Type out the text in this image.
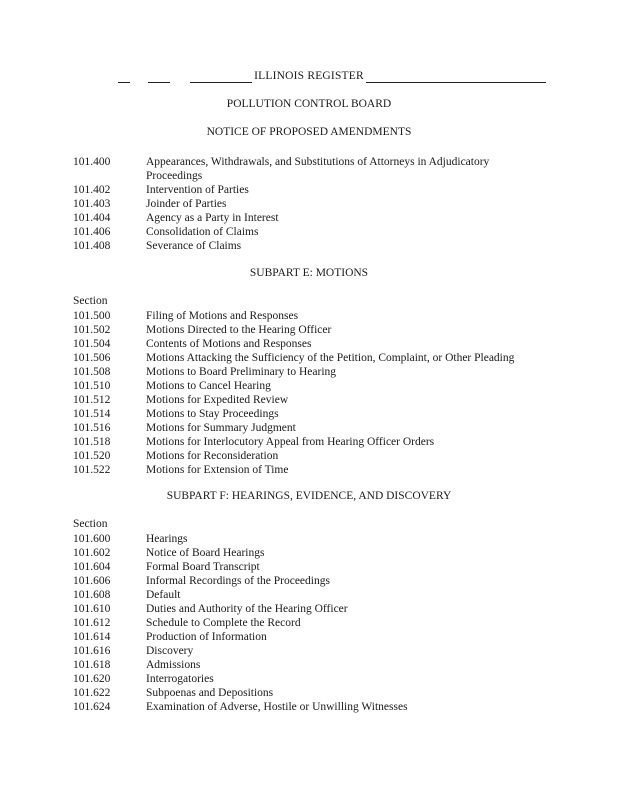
ILLINOIS REGISTER
POLLUTION CONTROL BOARD
NOTICE OF PROPOSED AMENDMENTS
101.400	Appearances, Withdrawals, and Substitutions of Attorneys in Adjudicatory
Proceedings
101.402	Intervention of Parties
101.403	Joinder of Parties
101.404	Agency as a Party in Interest
101.406	Consolidation of Claims
101.408	Severance of Claims
SUBPART E: MOTIONS
Section
101.500	Filing of Motions and Responses
101.502	Motions Directed to the Hearing Officer
101.504	Contents of Motions and Responses
101.506	Motions Attacking the Sufficiency of the Petition, Complaint, or Other Pleading
101.508	Motions to Board Preliminary to Hearing
101.510	Motions to Cancel Hearing
101.512	Motions for Expedited Review
101.514	Motions to Stay Proceedings
101.516	Motions for Summary Judgment
101.518	Motions for Interlocutory Appeal from Hearing Officer Orders
101.520	Motions for Reconsideration
101.522	Motions for Extension of Time
SUBPART F: HEARINGS, EVIDENCE, AND DISCOVERY
Section
101.600	Hearings
101.602	Notice of Board Hearings
101.604	Formal Board Transcript
101.606	Informal Recordings of the Proceedings
101.608	Default
101.610	Duties and Authority of the Hearing Officer
101.612	Schedule to Complete the Record
101.614	Production of Information
101.616	Discovery
101.618	Admissions
101.620	Interrogatories
101.622	Subpoenas and Depositions
101.624	Examination of Adverse, Hostile or Unwilling Witnesses
